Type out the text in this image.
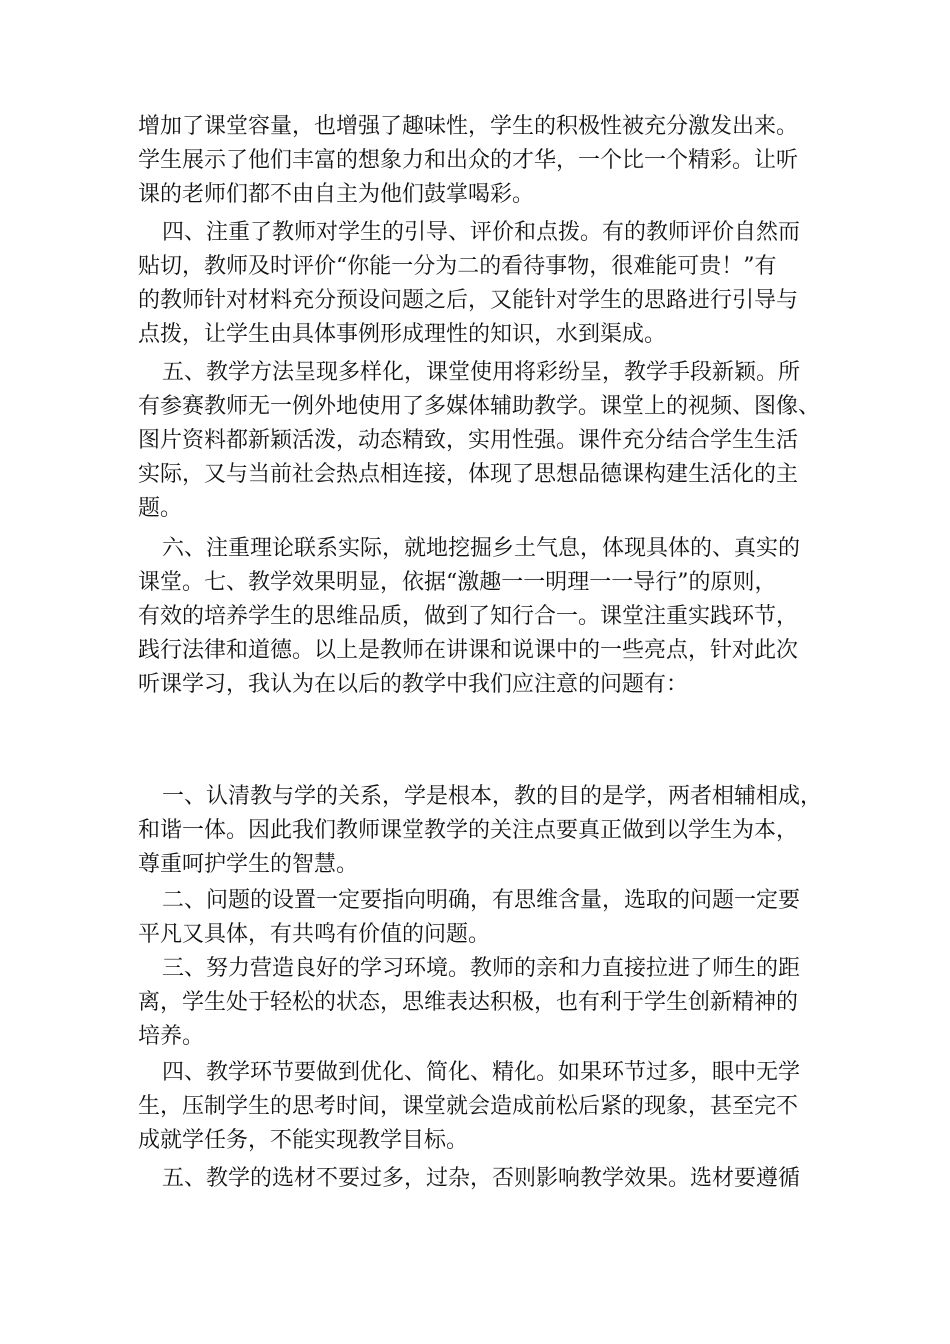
增加了课堂容量，也增强了趣味性，学生的积极性被充分激发出来。
学生展示了他们丰富的想象力和出众的才华，一个比一个精彩。让听
课的老师们都不由自主为他们鼓掌喝彩。
四、注重了教师对学生的引导、评价和点拨。有的教师评价自然而
贴切，教师及时评价“你能一分为二的看待事物，很难能可贵！”有
的教师针对材料充分预设问题之后，又能针对学生的思路进行引导与
点拨，让学生由具体事例形成理性的知识，水到渠成。
五、教学方法呈现多样化，课堂使用将彩纷呈，教学手段新颖。所
有参赛教师无一例外地使用了多媒体辅助教学。课堂上的视频、图像、
图片资料都新颖活泼，动态精致，实用性强。课件充分结合学生生活
实际，又与当前社会热点相连接，体现了思想品德课构建生活化的主
题。
六、注重理论联系实际，就地挖掘乡土气息，体现具体的、真实的
课堂。七、教学效果明显，依据“激趣一一明理一一导行”的原则，
有效的培养学生的思维品质，做到了知行合一。课堂注重实践环节，
践行法律和道德。以上是教师在讲课和说课中的一些亮点，针对此次
听课学习，我认为在以后的教学中我们应注意的问题有：
一、认清教与学的关系，学是根本，教的目的是学，两者相辅相成，
和谐一体。因此我们教师课堂教学的关注点要真正做到以学生为本，
尊重呵护学生的智慧。
二、问题的设置一定要指向明确，有思维含量，选取的问题一定要
平凡又具体，有共鸣有价值的问题。
三、努力营造良好的学习环境。教师的亲和力直接拉进了师生的距
离，学生处于轻松的状态，思维表达积极，也有利于学生创新精神的
培养。
四、教学环节要做到优化、简化、精化。如果环节过多，眼中无学
生，压制学生的思考时间，课堂就会造成前松后紧的现象，甚至完不
成就学任务，不能实现教学目标。
五、教学的选材不要过多，过杂，否则影响教学效果。选材要遵循
